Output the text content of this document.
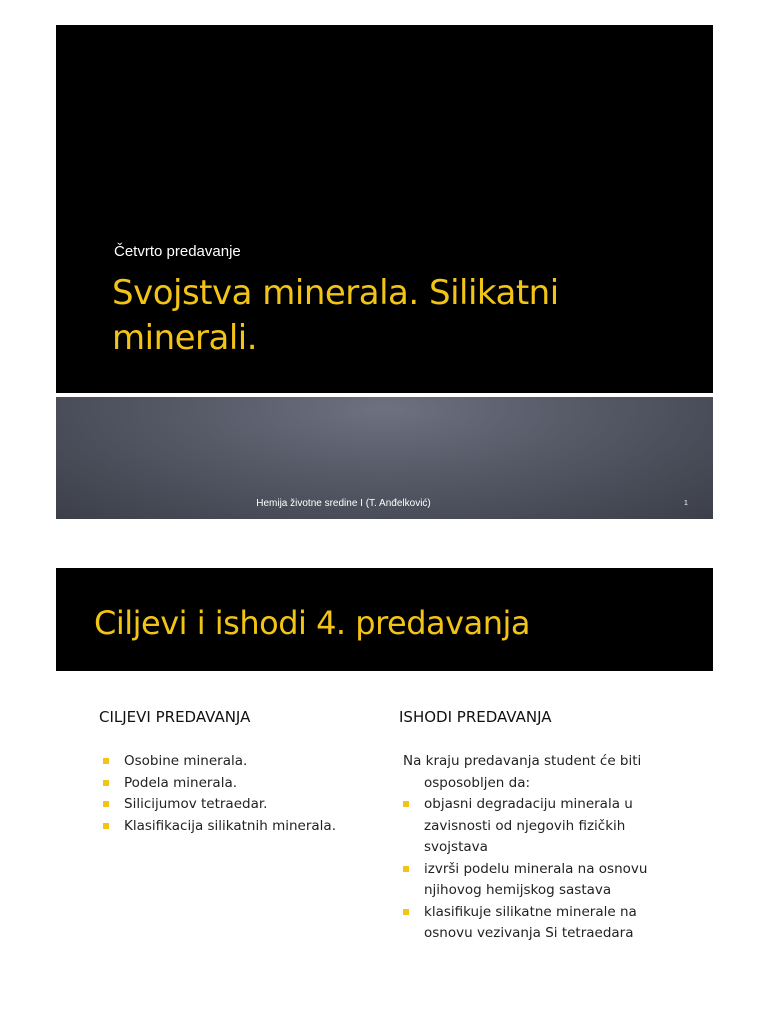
Četvrto predavanje
Svojstva minerala. Silikatni minerali.
Hemija životne sredine I (T. Anđelković)	1
Ciljevi i ishodi 4. predavanja
CILJEVI PREDAVANJA	ISHODI PREDAVANJA
Osobine minerala.
Podela minerala.
Silicijumov tetraedar.
Klasifikacija silikatnih minerala.
Na kraju predavanja student će biti osposobljen da:
objasni degradaciju minerala u zavisnosti od njegovih fizičkih svojstava
izvrši podelu minerala na osnovu njihovog hemijskog sastava
klasifikuje silikatne minerale na osnovu vezivanja Si tetraedara
